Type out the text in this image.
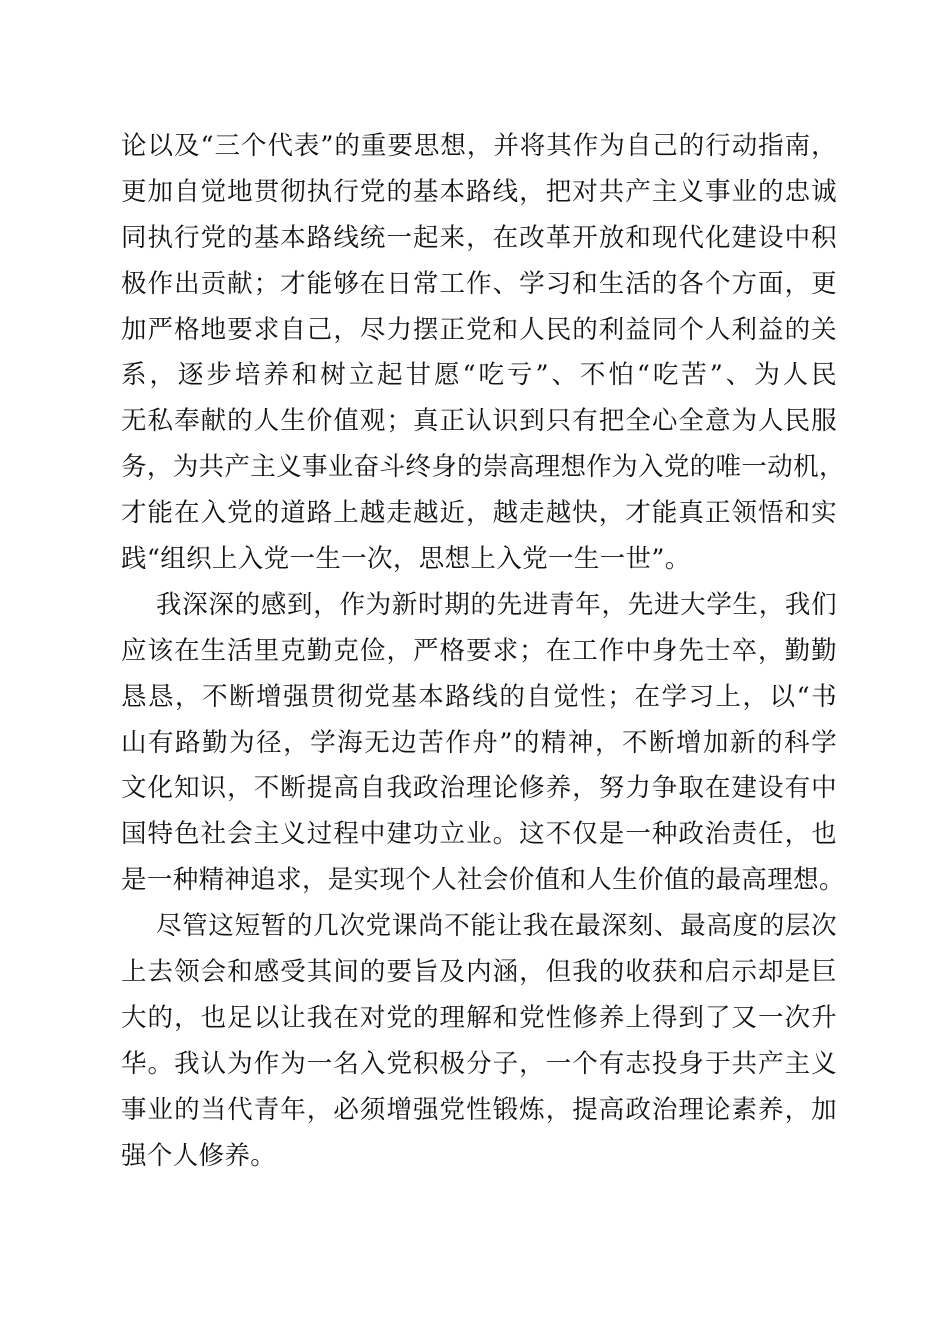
论以及“三个代表”的重要思想，并将其作为自己的行动指南，
更加自觉地贯彻执行党的基本路线，把对共产主义事业的忠诚
同执行党的基本路线统一起来，在改革开放和现代化建设中积
极作出贡献；才能够在日常工作、学习和生活的各个方面，更
加严格地要求自己，尽力摆正党和人民的利益同个人利益的关
系，逐步培养和树立起甘愿“吃亏”、不怕“吃苦”、为人民
无私奉献的人生价值观；真正认识到只有把全心全意为人民服
务，为共产主义事业奋斗终身的崇高理想作为入党的唯一动机，
才能在入党的道路上越走越近，越走越快，才能真正领悟和实
践“组织上入党一生一次，思想上入党一生一世”。
我深深的感到，作为新时期的先进青年，先进大学生，我们
应该在生活里克勤克俭，严格要求；在工作中身先士卒，勤勤
恳恳，不断增强贯彻党基本路线的自觉性；在学习上，以“书
山有路勤为径，学海无边苦作舟”的精神，不断增加新的科学
文化知识，不断提高自我政治理论修养，努力争取在建设有中
国特色社会主义过程中建功立业。这不仅是一种政治责任，也
是一种精神追求，是实现个人社会价值和人生价值的最高理想。
尽管这短暂的几次党课尚不能让我在最深刻、最高度的层次
上去领会和感受其间的要旨及内涵，但我的收获和启示却是巨
大的，也足以让我在对党的理解和党性修养上得到了又一次升
华。我认为作为一名入党积极分子，一个有志投身于共产主义
事业的当代青年，必须增强党性锻炼，提高政治理论素养，加
强个人修养。
